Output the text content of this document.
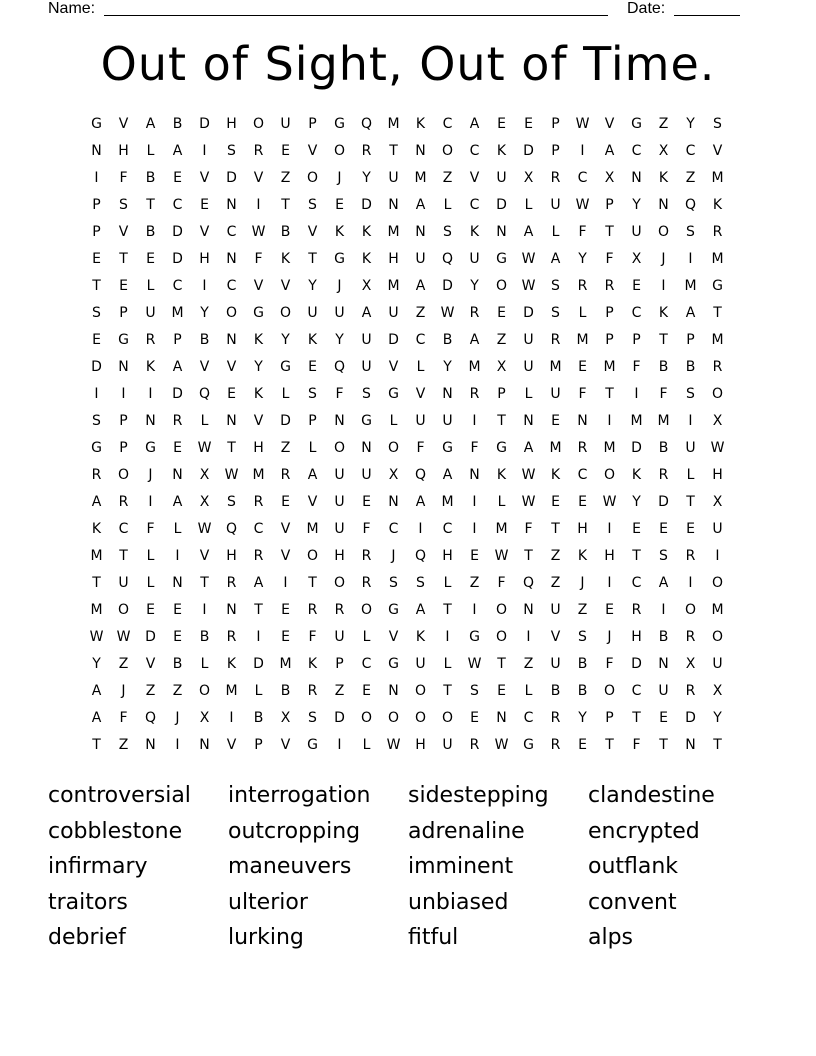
Name:	Date:
Out of Sight, Out of Time.
G	V	A	B	D	H	O	U	P	G	Q	M	K	C	A	E	E	P	W	V	G	Z	Y	S
N	H	L	A	I	S	R	E	V	O	R	T	N	O	C	K	D	P	I	A	C	X	C	V
I	F	B	E	V	D	V	Z	O	J	Y	U	M	Z	V	U	X	R	C	X	N	K	Z	M
P	S	T	C	E	N	I	T	S	E	D	N	A	L	C	D	L	U	W	P	Y	N	Q	K
P	V	B	D	V	C	W	B	V	K	K	M	N	S	K	N	A	L	F	T	U	O	S	R
E	T	E	D	H	N	F	K	T	G	K	H	U	Q	U	G	W	A	Y	F	X	J	I	M
T	E	L	C	I	C	V	V	Y	J	X	M	A	D	Y	O	W	S	R	R	E	I	M	G
S	P	U	M	Y	O	G	O	U	U	A	U	Z	W	R	E	D	S	L	P	C	K	A	T
E	G	R	P	B	N	K	Y	K	Y	U	D	C	B	A	Z	U	R	M	P	P	T	P	M
D	N	K	A	V	V	Y	G	E	Q	U	V	L	Y	M	X	U	M	E	M	F	B	B	R
I	I	I	D	Q	E	K	L	S	F	S	G	V	N	R	P	L	U	F	T	I	F	S	O
S	P	N	R	L	N	V	D	P	N	G	L	U	U	I	T	N	E	N	I	M	M	I	X
G	P	G	E	W	T	H	Z	L	O	N	O	F	G	F	G	A	M	R	M	D	B	U	W
R	O	J	N	X	W	M	R	A	U	U	X	Q	A	N	K	W	K	C	O	K	R	L	H
A	R	I	A	X	S	R	E	V	U	E	N	A	M	I	L	W	E	E	W	Y	D	T	X
K	C	F	L	W	Q	C	V	M	U	F	C	I	C	I	M	F	T	H	I	E	E	E	U
M	T	L	I	V	H	R	V	O	H	R	J	Q	H	E	W	T	Z	K	H	T	S	R	I
T	U	L	N	T	R	A	I	T	O	R	S	S	L	Z	F	Q	Z	J	I	C	A	I	O
M	O	E	E	I	N	T	E	R	R	O	G	A	T	I	O	N	U	Z	E	R	I	O	M
W W	D	E	B	R	I	E	F	U	L	V	K	I	G	O	I	V	S	J	H	B	R	O
Y	Z	V	B	L	K	D	M	K	P	C	G	U	L	W	T	Z	U	B	F	D	N	X	U
A	J	Z	Z	O	M	L	B	R	Z	E	N	O	T	S	E	L	B	B	O	C	U	R	X
A	F	Q	J	X	I	B	X	S	D	O	O	O	O	E	N	C	R	Y	P	T	E	D	Y
T	Z	N	I	N	V	P	V	G	I	L	W	H	U	R	W	G	R	E	T	F	T	N	T
controversial	interrogation	sidestepping	clandestine
cobblestone	outcropping	adrenaline	encrypted
infirmary	maneuvers	imminent	outflank
traitors	ulterior	unbiased	convent
debrief	lurking	fitful	alps
